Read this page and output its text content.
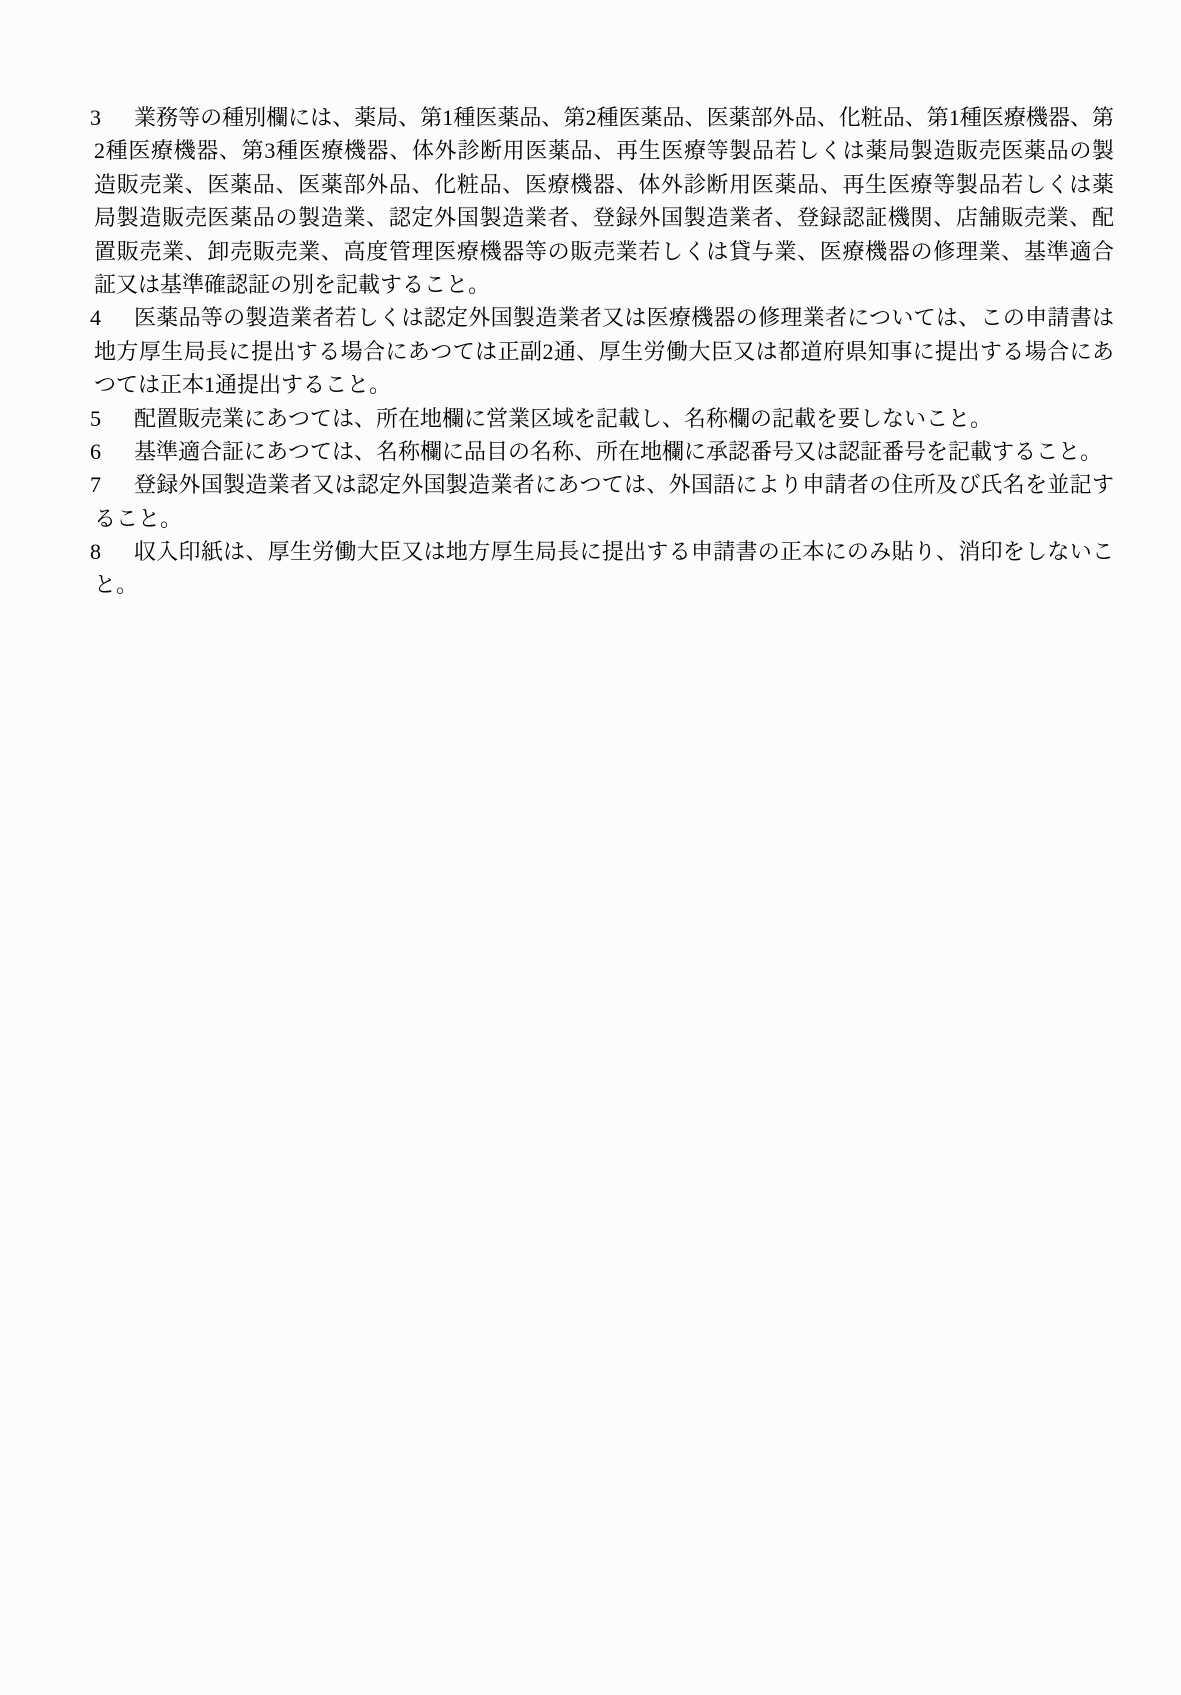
3	業務等の種別欄には、薬局、第1種医薬品、第2種医薬品、医薬部外品、化粧品、第1種医療機器、第
2種医療機器、第3種医療機器、体外診断用医薬品、再生医療等製品若しくは薬局製造販売医薬品の製
造販売業、医薬品、医薬部外品、化粧品、医療機器、体外診断用医薬品、再生医療等製品若しくは薬
局製造販売医薬品の製造業、認定外国製造業者、登録外国製造業者、登録認証機関、店舗販売業、配
置販売業、卸売販売業、高度管理医療機器等の販売業若しくは貸与業、医療機器の修理業、基準適合
証又は基準確認証の別を記載すること。
4	医薬品等の製造業者若しくは認定外国製造業者又は医療機器の修理業者については、この申請書は
地方厚生局長に提出する場合にあつては正副2通、厚生労働大臣又は都道府県知事に提出する場合にあ
つては正本1通提出すること。
5	配置販売業にあつては、所在地欄に営業区域を記載し、名称欄の記載を要しないこと。
6	基準適合証にあつては、名称欄に品目の名称、所在地欄に承認番号又は認証番号を記載すること。
7	登録外国製造業者又は認定外国製造業者にあつては、外国語により申請者の住所及び氏名を並記す
ること。
8	収入印紙は、厚生労働大臣又は地方厚生局長に提出する申請書の正本にのみ貼り、消印をしないこ
と。
